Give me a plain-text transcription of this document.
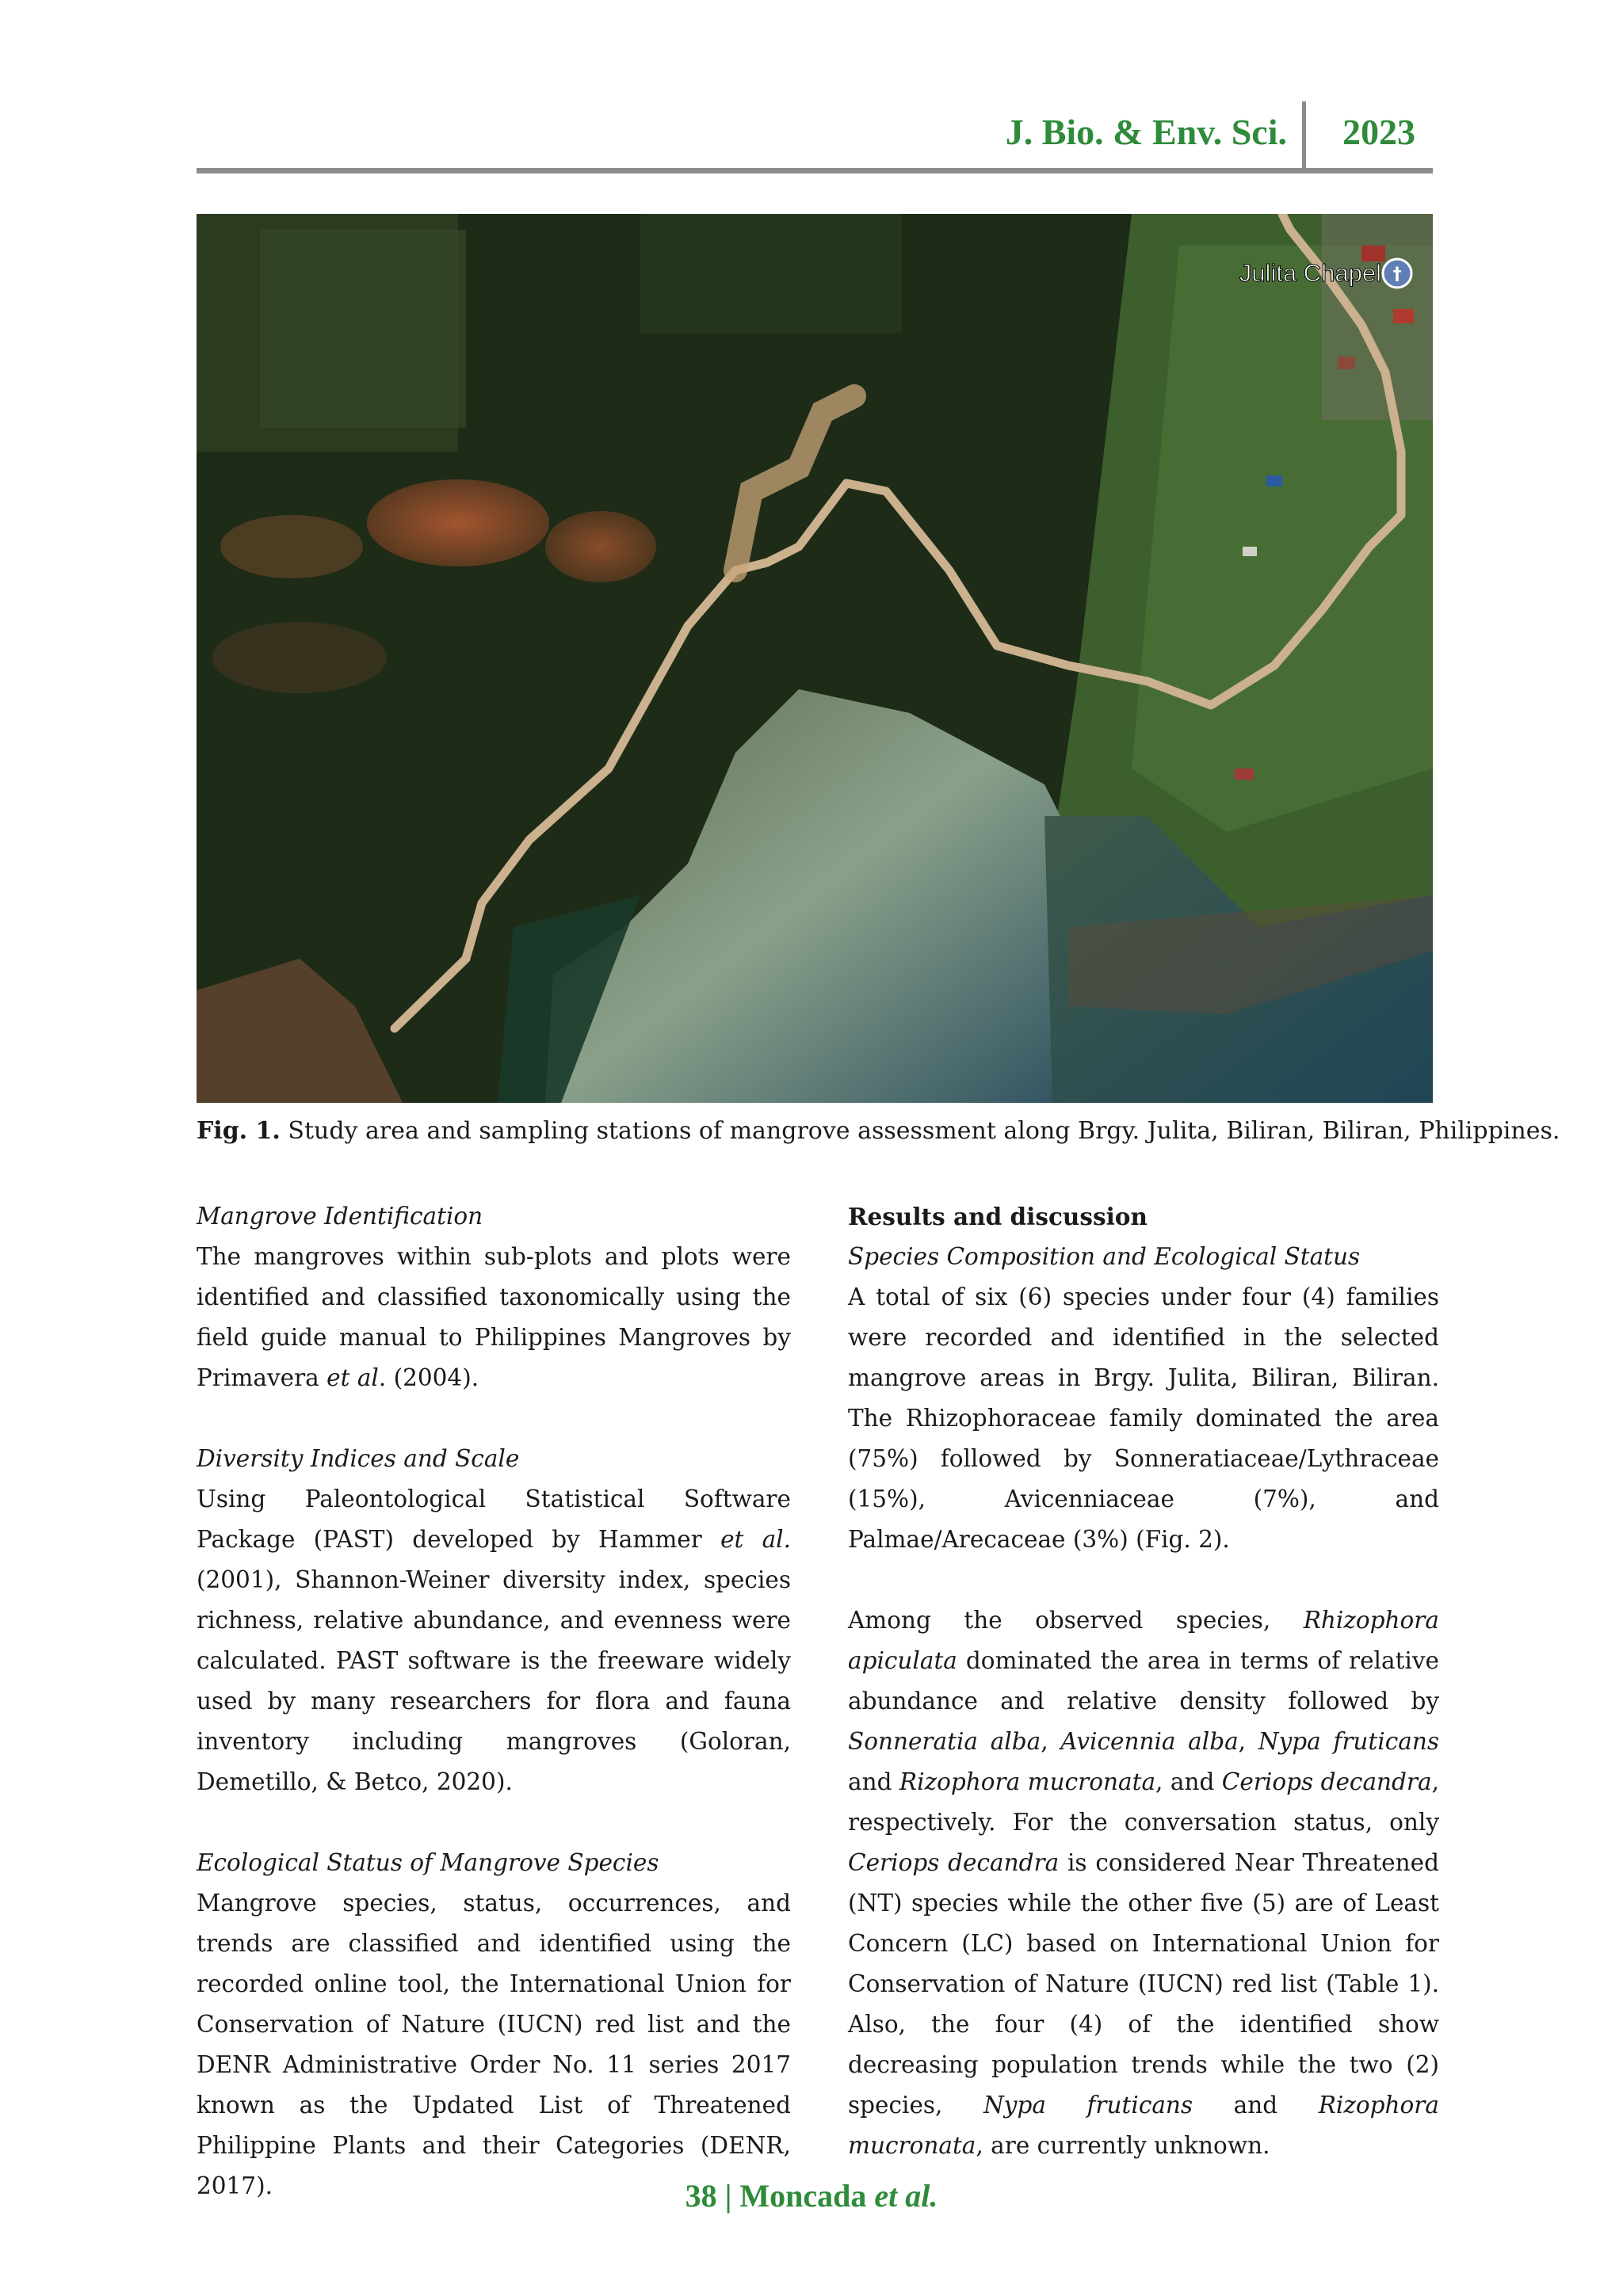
J. Bio. & Env. Sci. 2023
†
Julita Chapel
Fig. 1. Study area and sampling stations of mangrove assessment along Brgy. Julita, Biliran, Biliran, Philippines.

Mangrove Identification

The mangroves within sub-plots and plots were identified and classified taxonomically using the field guide manual to Philippines Mangroves by Primavera et al. (2004).

Diversity Indices and Scale

Using Paleontological Statistical Software Package (PAST) developed by Hammer et al. (2001), Shannon-Weiner diversity index, species richness, relative abundance, and evenness were calculated. PAST software is the freeware widely used by many researchers for flora and fauna inventory including mangroves (Goloran, Demetillo, & Betco, 2020).

Ecological Status of Mangrove Species

Mangrove species, status, occurrences, and trends are classified and identified using the recorded online tool, the International Union for Conservation of Nature (IUCN) red list and the DENR Administrative Order No. 11 series 2017 known as the Updated List of Threatened Philippine Plants and their Categories (DENR, 2017).

Results and discussion

Species Composition and Ecological Status

A total of six (6) species under four (4) families were recorded and identified in the selected mangrove areas in Brgy. Julita, Biliran, Biliran. The Rhizophoraceae family dominated the area (75%) followed by Sonneratiaceae/Lythraceae (15%), Avicenniaceae (7%), and Palmae/Arecaceae (3%) (Fig. 2).

Among the observed species, Rhizophora apiculata dominated the area in terms of relative abundance and relative density followed by Sonneratia alba, Avicennia alba, Nypa fruticans and Rizophora mucronata, and Ceriops decandra, respectively. For the conversation status, only Ceriops decandra is considered Near Threatened (NT) species while the other five (5) are of Least Concern (LC) based on International Union for Conservation of Nature (IUCN) red list (Table 1). Also, the four (4) of the identified show decreasing population trends while the two (2) species, Nypa fruticans and Rizophora mucronata, are currently unknown.

38 | Moncada et al.
